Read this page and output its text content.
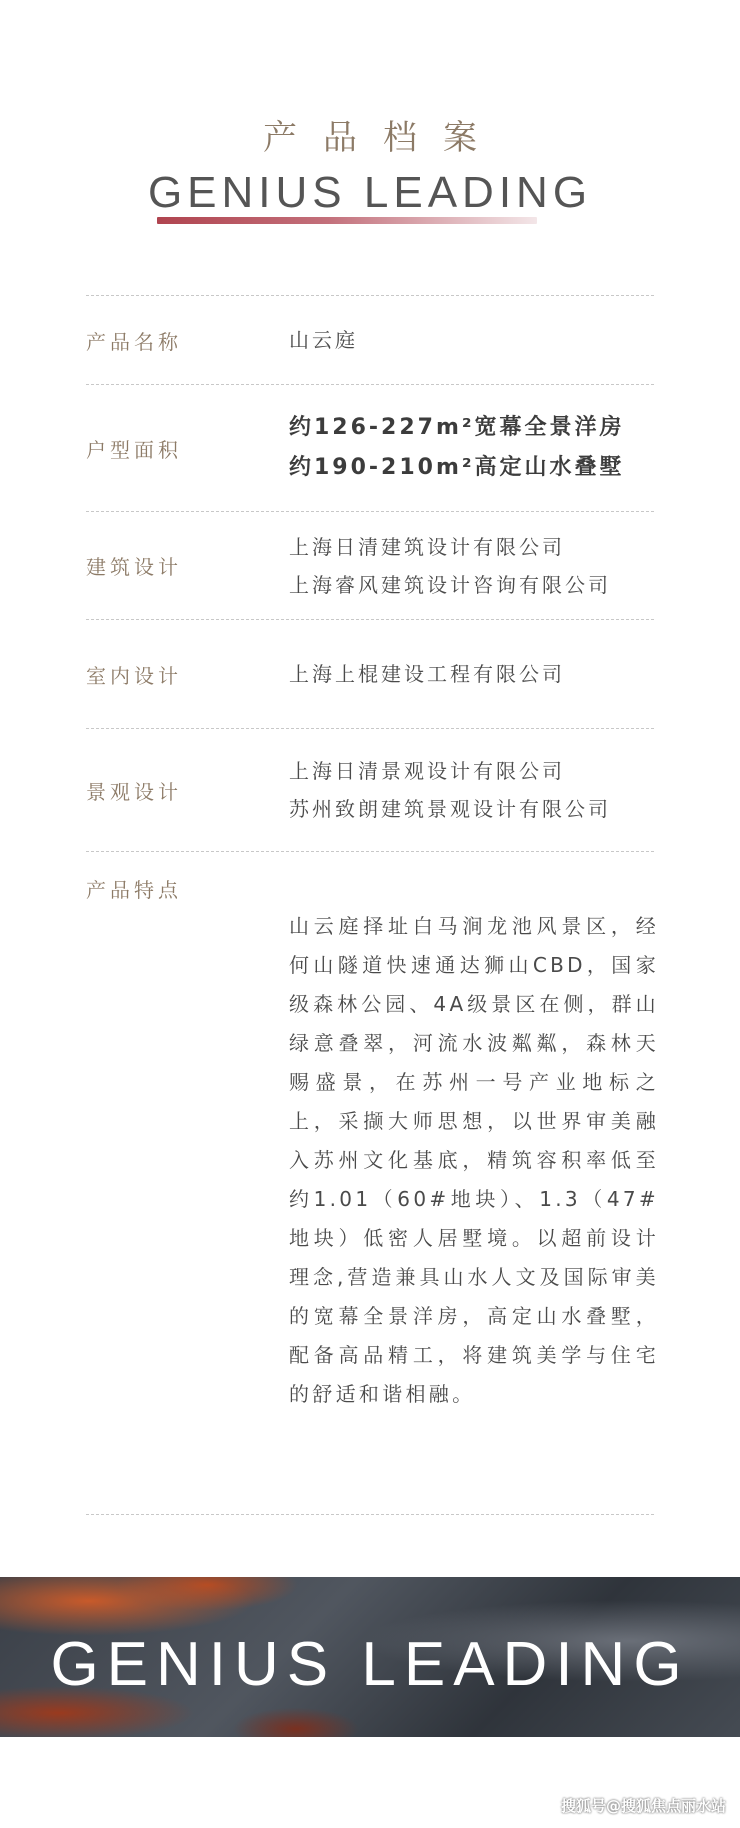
产品档案
GENIUS LEADING
产品名称	山云庭
户型面积
约126-227m²宽幕全景洋房
约190-210m²高定山水叠墅
建筑设计
上海日清建筑设计有限公司
上海睿风建筑设计咨询有限公司
室内设计	上海上棍建设工程有限公司
景观设计
上海日清景观设计有限公司
苏州致朗建筑景观设计有限公司
产品特点
山云庭择址白马涧龙池风景区，经何山隧道快速通达狮山CBD，国家级森林公园、4A级景区在侧，群山绿意叠翠，河流水波粼粼，森林天赐盛景，在苏州一号产业地标之上，采撷大师思想，以世界审美融入苏州文化基底，精筑容积率低至约1.01（60#地块）、1.3（47#地块）低密人居墅境。以超前设计理念,营造兼具山水人文及国际审美的宽幕全景洋房，高定山水叠墅，配备高品精工，将建筑美学与住宅的舒适和谐相融。
GENIUS LEADING
搜狐号@搜狐焦点丽水站
